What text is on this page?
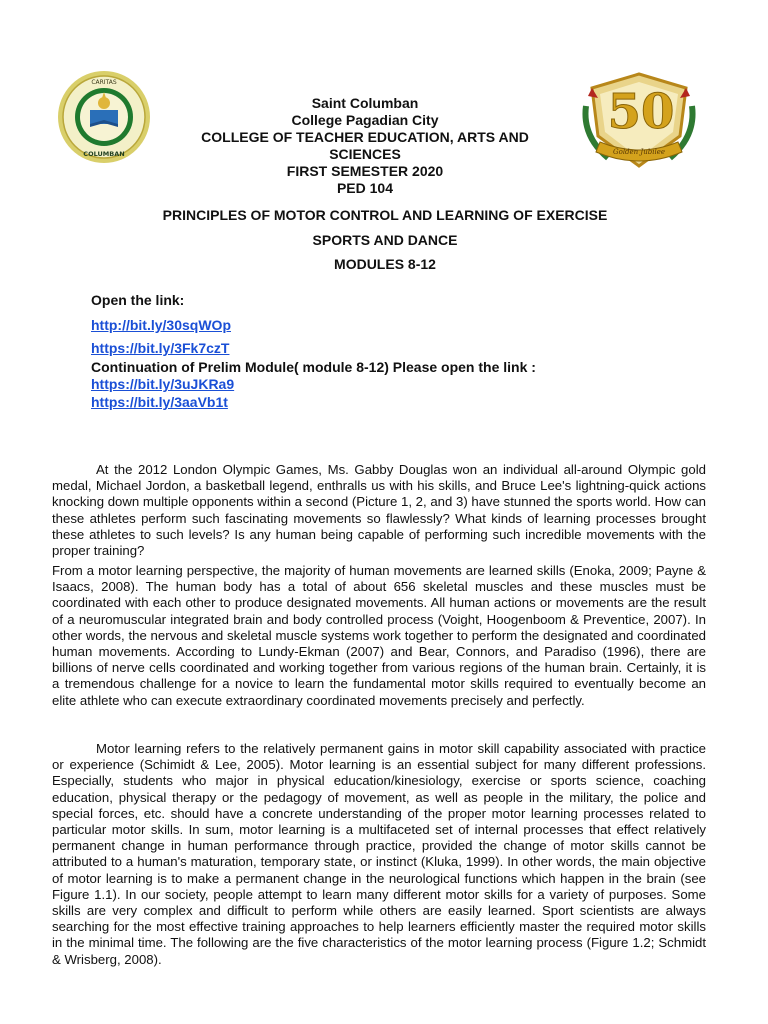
CARITAS
COLUMBAN
50
Golden Jubilee
Saint Columban
College Pagadian City
COLLEGE OF TEACHER EDUCATION, ARTS AND
SCIENCES
FIRST SEMESTER 2020
PED 104
PRINCIPLES OF MOTOR CONTROL AND LEARNING OF EXERCISE
SPORTS AND DANCE
MODULES 8-12
Open the link:
http://bit.ly/30sqWOp
https://bit.ly/3Fk7czT
Continuation of Prelim Module( module 8-12) Please open the link :
https://bit.ly/3uJKRa9
https://bit.ly/3aaVb1t

At the 2012 London Olympic Games, Ms. Gabby Douglas won an individual all-around Olympic gold medal, Michael Jordon, a basketball legend, enthralls us with his skills, and Bruce Lee's lightning-quick actions knocking down multiple opponents within a second (Picture 1, 2, and 3) have stunned the sports world. How can these athletes perform such fascinating movements so flawlessly? What kinds of learning processes brought these athletes to such levels? Is any human being capable of performing such incredible movements with the proper training?

From a motor learning perspective, the majority of human movements are learned skills (Enoka, 2009; Payne & Isaacs, 2008). The human body has a total of about 656 skeletal muscles and these muscles must be coordinated with each other to produce designated movements. All human actions or movements are the result of a neuromuscular integrated brain and body controlled process (Voight, Hoogenboom & Preventice, 2007). In other words, the nervous and skeletal muscle systems work together to perform the designated and coordinated human movements. According to Lundy-Ekman (2007) and Bear, Connors, and Paradiso (1996), there are billions of nerve cells coordinated and working together from various regions of the human brain. Certainly, it is a tremendous challenge for a novice to learn the fundamental motor skills required to eventually become an elite athlete who can execute extraordinary coordinated movements precisely and perfectly.

Motor learning refers to the relatively permanent gains in motor skill capability associated with practice or experience (Schimidt & Lee, 2005). Motor learning is an essential subject for many different professions. Especially, students who major in physical education/kinesiology, exercise or sports science, coaching education, physical therapy or the pedagogy of movement, as well as people in the military, the police and special forces, etc. should have a concrete understanding of the proper motor learning processes related to particular motor skills. In sum, motor learning is a multifaceted set of internal processes that effect relatively permanent change in human performance through practice, provided the change of motor skills cannot be attributed to a human's maturation, temporary state, or instinct (Kluka, 1999). In other words, the main objective of motor learning is to make a permanent change in the neurological functions which happen in the brain (see Figure 1.1). In our society, people attempt to learn many different motor skills for a variety of purposes. Some skills are very complex and difficult to perform while others are easily learned. Sport scientists are always searching for the most effective training approaches to help learners efficiently master the required motor skills in the minimal time. The following are the five characteristics of the motor learning process (Figure 1.2; Schmidt & Wrisberg, 2008).
